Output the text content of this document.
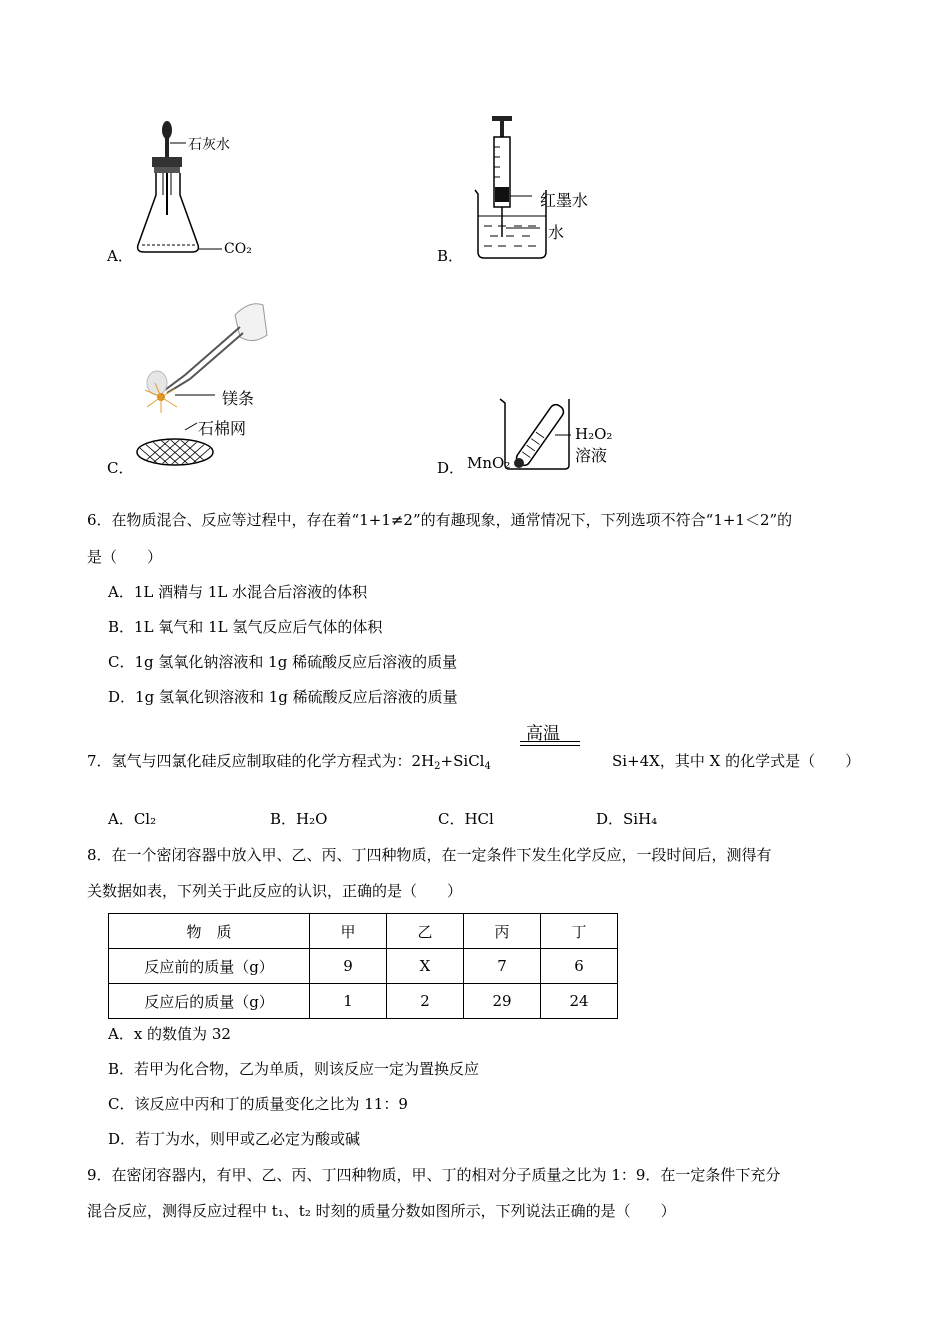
石灰水
CO₂
A．
红墨水
水
B．
镁条
石棉网
C．
H₂O₂
溶液
MnO₂
D．
6．在物质混合、反应等过程中，存在着“1+1≠2”的有趣现象，通常情况下，下列选项不符合“1+1＜2”的
是（　　）
A．1L 酒精与 1L 水混合后溶液的体积
B．1L 氧气和 1L 氢气反应后气体的体积
C．1g 氢氧化钠溶液和 1g 稀硫酸反应后溶液的质量
D．1g 氢氧化钡溶液和 1g 稀硫酸反应后溶液的质量
高温
7．氢气与四氯化硅反应制取硅的化学方程式为：$2H_2+SiCl_4$	Si+4X，其中 X 的化学式是（　　）
A．Cl₂	B．H₂O	C．HCl	D．SiH₄
8．在一个密闭容器中放入甲、乙、丙、丁四种物质，在一定条件下发生化学反应，一段时间后，测得有
关数据如表，下列关于此反应的认识，正确的是（　　）
物　质	甲	乙	丙	丁
反应前的质量（g）	9	X	7	6
反应后的质量（g）	1	2	29	24
A．x 的数值为 32
B．若甲为化合物，乙为单质，则该反应一定为置换反应
C．该反应中丙和丁的质量变化之比为 11：9
D．若丁为水，则甲或乙必定为酸或碱
9．在密闭容器内，有甲、乙、丙、丁四种物质，甲、丁的相对分子质量之比为 1：9．在一定条件下充分
混合反应，测得反应过程中 t₁、t₂ 时刻的质量分数如图所示，下列说法正确的是（　　）
